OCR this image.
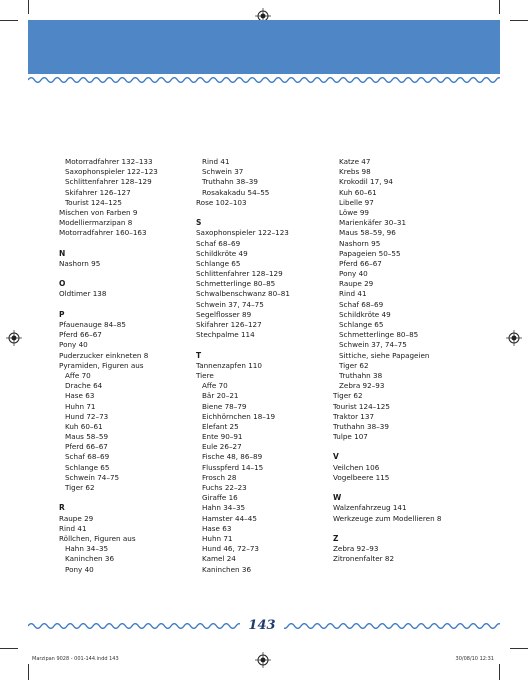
Motorradfahrer 132–133
Saxophonspieler 122–123
Schlittenfahrer 128–129
Skifahrer 126–127
Tourist 124–125
Mischen von Farben 9
Modelliermarzipan 8
Motorradfahrer 160–163
N
Nashorn 95
O
Oldtimer 138
P
Pfauenauge 84–85
Pferd 66–67
Pony 40
Puderzucker einkneten 8
Pyramiden, Figuren aus
Affe 70
Drache 64
Hase 63
Huhn 71
Hund 72–73
Kuh 60–61
Maus 58–59
Pferd 66–67
Schaf 68–69
Schlange 65
Schwein 74–75
Tiger 62
R
Raupe 29
Rind 41
Röllchen, Figuren aus
Hahn 34–35
Kaninchen 36
Pony 40
Rind 41
Schwein 37
Truthahn 38–39
Rosakakadu 54–55
Rose 102–103
S
Saxophonspieler 122–123
Schaf 68–69
Schildkröte 49
Schlange 65
Schlittenfahrer 128–129
Schmetterlinge 80–85
Schwalbenschwanz 80–81
Schwein 37, 74–75
Segelflosser 89
Skifahrer 126–127
Stechpalme 114
T
Tannenzapfen 110
Tiere
Affe 70
Bär 20–21
Biene 78–79
Eichhörnchen 18–19
Elefant 25
Ente 90–91
Eule 26–27
Fische 48, 86–89
Flusspferd 14–15
Frosch 28
Fuchs 22–23
Giraffe 16
Hahn 34–35
Hamster 44–45
Hase 63
Huhn 71
Hund 46, 72–73
Kamel 24
Kaninchen 36
Katze 47
Krebs 98
Krokodil 17, 94
Kuh 60–61
Libelle 97
Löwe 99
Marienkäfer 30–31
Maus 58–59, 96
Nashorn 95
Papageien 50–55
Pferd 66–67
Pony 40
Raupe 29
Rind 41
Schaf 68–69
Schildkröte 49
Schlange 65
Schmetterlinge 80–85
Schwein 37, 74–75
Sittiche, siehe Papageien
Tiger 62
Truthahn 38
Zebra 92–93
Tiger 62
Tourist 124–125
Traktor 137
Truthahn 38–39
Tulpe 107
V
Veilchen 106
Vogelbeere 115
W
Walzenfahrzeug 141
Werkzeuge zum Modellieren 8
Z
Zebra 92–93
Zitronenfalter 82
143
Marzipan 9028 - 001-144.indd 143	30/08/10 12:31
